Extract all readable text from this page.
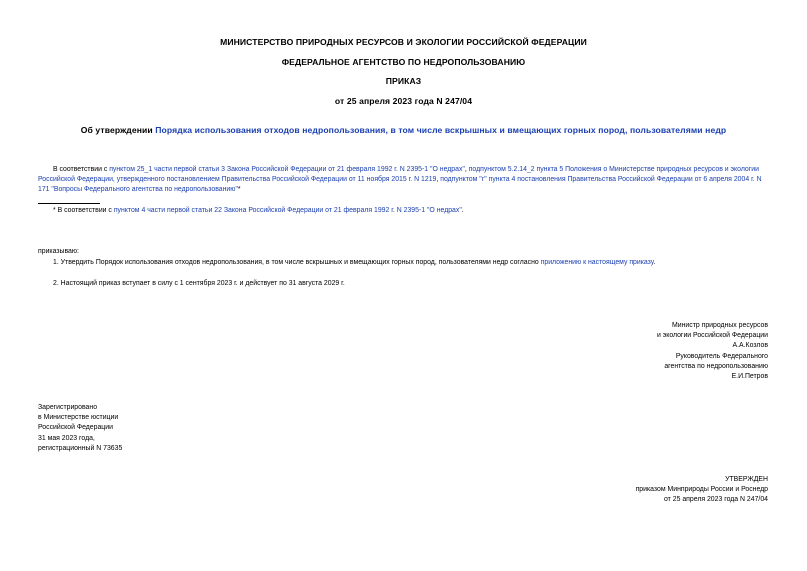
МИНИСТЕРСТВО ПРИРОДНЫХ РЕСУРСОВ И ЭКОЛОГИИ РОССИЙСКОЙ ФЕДЕРАЦИИ
ФЕДЕРАЛЬНОЕ АГЕНТСТВО ПО НЕДРОПОЛЬЗОВАНИЮ
ПРИКАЗ
от 25 апреля 2023 года N 247/04
Об утверждении Порядка использования отходов недропользования, в том числе вскрышных и вмещающих горных пород, пользователями недр
В соответствии с пунктом 25_1 части первой статьи 3 Закона Российской Федерации от 21 февраля 1992 г. N 2395-1 "О недрах", подпунктом 5.2.14_2 пункта 5 Положения о Министерстве природных ресурсов и экологии Российской Федерации, утвержденного постановлением Правительства Российской Федерации от 11 ноября 2015 г. N 1219, подпунктом "г" пункта 4 постановления Правительства Российской Федерации от 6 апреля 2004 г. N 171 "Вопросы Федерального агентства по недропользованию"*
* В соответствии с пунктом 4 части первой статьи 22 Закона Российской Федерации от 21 февраля 1992 г. N 2395-1 "О недрах".
приказываю:
1. Утвердить Порядок использования отходов недропользования, в том числе вскрышных и вмещающих горных пород, пользователями недр согласно приложению к настоящему приказу.
2. Настоящий приказ вступает в силу с 1 сентября 2023 г. и действует по 31 августа 2029 г.
Министр природных ресурсов
и экологии Российской Федерации
А.А.Козлов
Руководитель Федерального
агентства по недропользованию
Е.И.Петров
Зарегистрировано
в Министерстве юстиции
Российской Федерации
31 мая 2023 года,
регистрационный N 73635
УТВЕРЖДЕН
приказом Минприроды России и Роснедр
от 25 апреля 2023 года N 247/04
